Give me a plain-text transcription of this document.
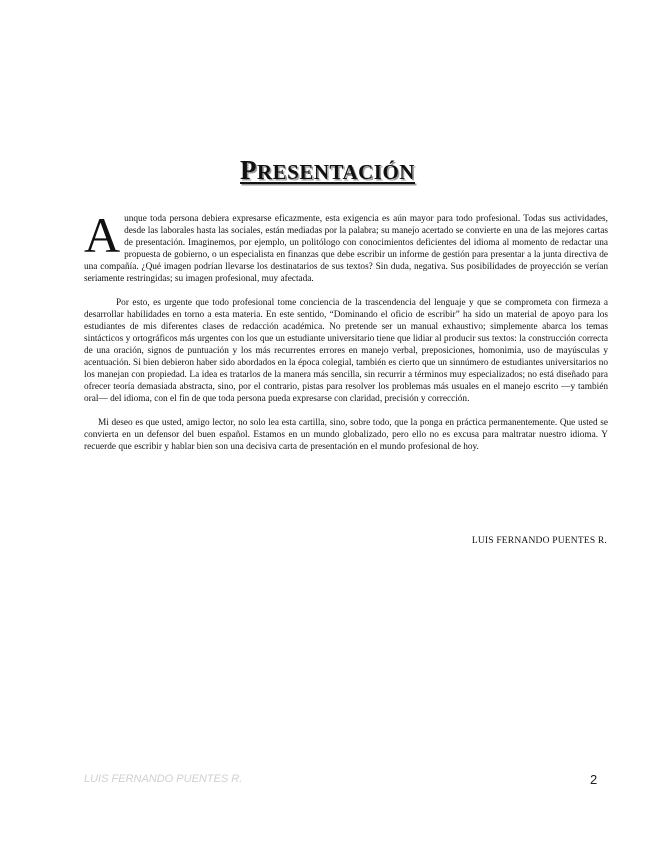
PRESENTACIÓN

Aunque toda persona debiera expresarse eficazmente, esta exigencia es aún mayor para todo profesional. Todas sus actividades, desde las laborales hasta las sociales, están mediadas por la palabra; su manejo acertado se convierte en una de las mejores cartas de presentación. Imaginemos, por ejemplo, un politólogo con conocimientos deficientes del idioma al momento de redactar una propuesta de gobierno, o un especialista en finanzas que debe escribir un informe de gestión para presentar a la junta directiva de una compañía. ¿Qué imagen podrían llevarse los destinatarios de sus textos? Sin duda, negativa. Sus posibilidades de proyección se verían seriamente restringidas; su imagen profesional, muy afectada.

Por esto, es urgente que todo profesional tome conciencia de la trascendencia del lenguaje y que se comprometa con firmeza a desarrollar habilidades en torno a esta materia. En este sentido, “Dominando el oficio de escribir” ha sido un material de apoyo para los estudiantes de mis diferentes clases de redacción académica. No pretende ser un manual exhaustivo; simplemente abarca los temas sintácticos y ortográficos más urgentes con los que un estudiante universitario tiene que lidiar al producir sus textos: la construcción correcta de una oración, signos de puntuación y los más recurrentes errores en manejo verbal, preposiciones, homonimia, uso de mayúsculas y acentuación. Si bien debieron haber sido abordados en la época colegial, también es cierto que un sinnúmero de estudiantes universitarios no los manejan con propiedad. La idea es tratarlos de la manera más sencilla, sin recurrir a términos muy especializados; no está diseñado para ofrecer teoría demasiada abstracta, sino, por el contrario, pistas para resolver los problemas más usuales en el manejo escrito —y también oral— del idioma, con el fin de que toda persona pueda expresarse con claridad, precisión y corrección.

Mi deseo es que usted, amigo lector, no solo lea esta cartilla, sino, sobre todo, que la ponga en práctica permanentemente. Que usted se convierta en un defensor del buen español. Estamos en un mundo globalizado, pero ello no es excusa para maltratar nuestro idioma. Y recuerde que escribir y hablar bien son una decisiva carta de presentación en el mundo profesional de hoy.

LUIS FERNANDO PUENTES R.
LUIS FERNANDO PUENTES R.	2
